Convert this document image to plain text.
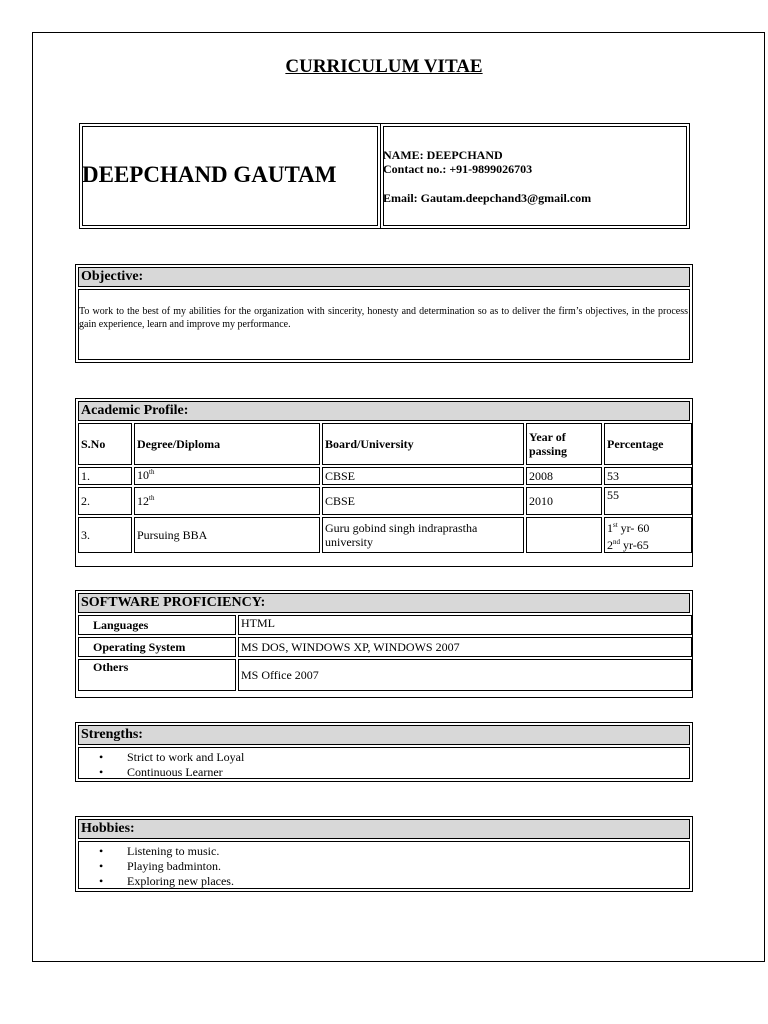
CURRICULUM VITAE
DEEPCHAND GAUTAM
NAME: DEEPCHAND
Contact no.: +91-9899026703
Email: Gautam.deepchand3@gmail.com
Objective:
To work to the best of my abilities for the organization with sincerity, honesty and determination so as to deliver the firm’s objectives, in the process gain experience, learn and improve my performance.
Academic Profile:
S.No	Degree/Diploma	Board/University	Year of passing	Percentage
1.	10th	CBSE	2008	53
2.	12th	CBSE	2010	55
3.	Pursuing BBA	Guru gobind singh indraprastha university		1st yr- 60
2nd yr-65
SOFTWARE PROFICIENCY:
Languages	HTML
Operating System	MS DOS, WINDOWS XP, WINDOWS 2007
Others	MS Office 2007
Strengths:
• Strict to work and Loyal
• Continuous Learner
Hobbies:
• Listening to music.
• Playing badminton.
• Exploring new places.
